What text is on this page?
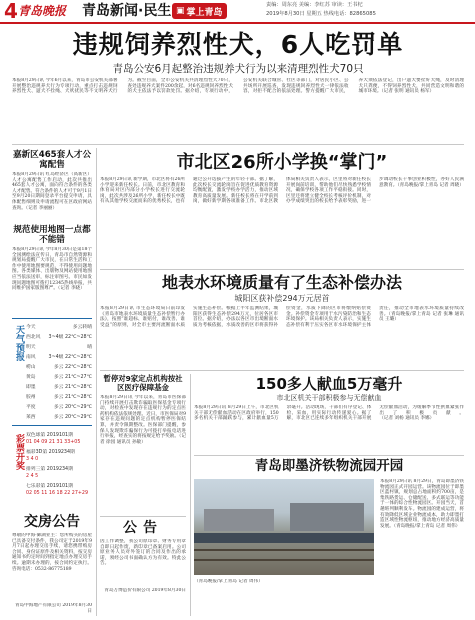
4 青岛晚报 青岛新闻·民生 ▣ 掌上青岛
责编：周东亮 美编：李红苏 审读：王书杞
2019年8月30日 星期五 热线电话：82865085
违规饲养烈性犬，6人吃罚单
青岛公安6月起整治违规养犬行为以来清理烈性犬70只
本报8月29日讯 今年6月以来，青岛市公安机关部署开展整治违规养犬行为专项行动，重点打击违规饲养烈性犬、遛犬不拴绳、犬吠扰民等不文明养犬行为。截至目前，全市公安机关共清理烈性犬70只，查处违规养犬案件200余起，对6名违规饲养烈性犬的犬主依法予以罚款处罚。据介绍，专项行动中，公安机关联合城管、社区等部门，对居民小区、公共场所开展巡查，发现违规饲养烈性犬一律依法收容，对拒不配合的依法处理。警方提醒广大市民，养犬须依法登记，出户遛犬要拴好犬绳，及时清理犬只粪便，不得饲养烈性犬，共同营造文明和谐的城市环境。（记者 张明 通讯员 杨军）
嘉新区465套人才公寓配售
本报8月29日讯 红岛经济区（高新区）人才公寓配售工作启动，此次共推出465套人才公寓，面向符合条件的各类人才配售。符合条件的人才可于9月1日至9月20日期间登录平台提交申请，具体配售细则及申请流程可在区政府网站查询。（记者 李丽丽）
规范使用地图一点都不能错
本报8月29日讯 今年8月30日是第18个全国测绘法宣传日，青岛市自然资源和规划局提醒广大市民，在日常生活和工作中使用地图要规范，不得使用问题地图。各类媒体、出版物及网站使用地图应当依法送审，标注审图号。市民如发现问题地图可拨打12345热线举报，共同维护国家版图尊严。（记者 李晓）
天气预报 今天	多云转晴
西北风 3~4级 22℃~28℃
明天	晴
南风	3~4级 22℃~28℃
崂山	多云 22℃~28℃
黄岛	多云 21℃~27℃
即墨	多云 21℃~28℃
胶州	多云 21℃~28℃
平度	多云 20℃~29℃
莱西	多云 20℃~29℃
彩票开奖 双色球第 2019101期
01 04 09 21 31 33+05
福彩3D第 2019234期
3 4 0
排列三第 2019234期
2 4 5
七乐彩第 2019101期
02 05 11 16 18 22 27+29
交房公告
尊敬的中海·御湖业主：您所购买的房屋已具备交付条件，我公司定于2019年9月7日起办理交房手续，请您携带购房合同、身份证原件及相关资料，按交房通知书约定时间到指定地点办理交房手续。逾期未办理的，按合同约定执行。咨询电话：0532-86775189
青岛中海地产有限公司 2019年8月30日
市北区26所小学换“掌门”
本报8月29日讯 新学期，市北区将有26所小学迎来新任校长。日前，市北区教育和体育局对区内部分小学校长进行交流轮岗，此次共涉及26所小学，新任校长中既有从其他学校交流而来的优秀校长，也有通过公开选拔产生的年轻干部。据了解，此次校长交流轮岗旨在促进优质教育资源均衡配置，激发学校办学活力，推动区域教育高质量发展。新任校长将在开学前到岗，做好新学期各项准备工作。市北区教体局相关负责人表示，区里将对新任校长开展岗前培训，帮助他们尽快熟悉学校情况，确保学校各项工作平稳衔接。同时，区里还将建立健全校长考核评价机制，对办学成绩突出的校长给予表彰奖励，进一步调动校长干事创业积极性，办好人民满意教育。（青岛晚报/掌上青岛 记者 周晓）
地表水环境质量有了生态补偿办法
城阳区获补偿294万元居首
本报8月29日讯 市生态环境局日前印发《青岛市地表水环境质量生态补偿暂行办法》，按照“谁超标、谁赔付，谁改善、谁受益”的原则，对全市主要河流断面水质实施生态补偿。根据上半年监测结果，城阳区获得生态补偿294万元，位居各区市首位。据介绍，办法以各区市出境断面水质为考核依据，水质改善的区市将获得补偿资金，水质下降的区市将缴纳赔偿资金。补偿资金专项用于水污染防治和生态环境保护。该局相关负责人表示，实施生态补偿有利于压实各区市水环境保护主体责任，推动全市地表水环境质量持续改善。（青岛晚报/掌上青岛 记者 张琳 通讯员 王璐）
暂停对9家定点机构按社区医疗保障基金
本报8月29日讯 今年以来，青岛市医保部门持续开展打击欺诈骗取医保基金专项行动，对检查中发现存在违规行为的定点医药机构依法依规处理。近日，市医保局对9家存在违规问题的定点机构暂停医保结算，并责令限期整改。医保部门提醒，参保人发现欺诈骗保行为可拨打举报电话进行举报，经查实的将按规定给予奖励。（记者 徐园 通讯员 孙敏）
公告
因工作调整，我公司原印章、财务专用章自即日起作废，新印章已备案启用。公司原业务人员对外签订的合同及作出的承诺，须经公司书面确认方为有效。特此公告。
青岛万博造价有限公司 2019年8月30日
150多人献血5万毫升
市北区机关干部积极参与无偿献血
本报8月29日讯 8月29日上午，市北区机关干部无偿献血活动在区政府举行，150多名机关干部踊跃参与，累计献血量5万余毫升。活动现场，干部们有序登记、体检、采血，用实际行动传递爱心。据了解，市北区已连续多年组织机关干部开展无偿献血活动，为缓解季节性供血紧张作出了积极贡献。（记者 刘杨 通讯员 李娜）
青岛即墨济铁物流园开园
本报8月29日讯 8月29日，青岛即墨济铁物流园正式开园运营。该物流园位于即墨区蓝村镇，规划总占地面积约700亩，是集铁路货运、仓储配送、多式联运等功能于一体的综合性物流园区。开园当天，首趟班列顺利发车。物流园的建成运营，将有效降低区域企业物流成本，助力即墨打造区域性物流枢纽，推动地方经济高质量发展。（青岛晚报/掌上青岛 记者 周伟）
（青岛晚报/掌上青岛 记者 周伟）
